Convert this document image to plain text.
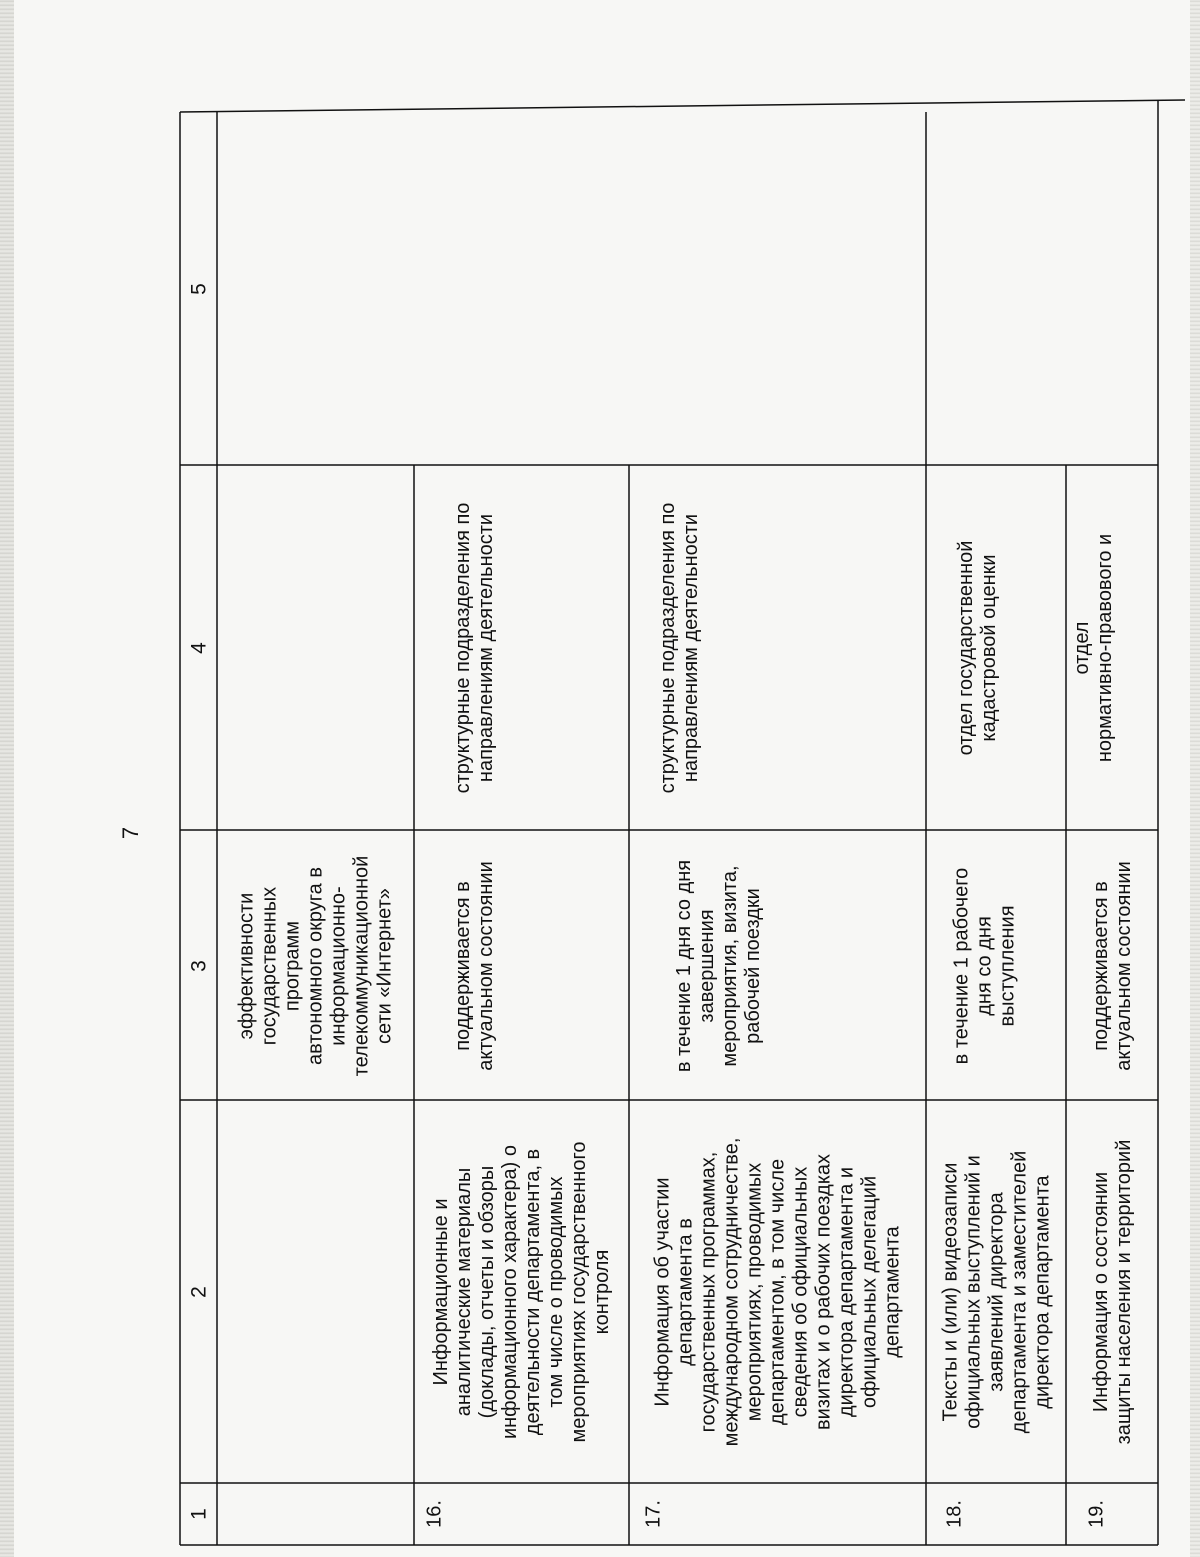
7
1
2
3
4
5
эффективности
государственных
программ
автономного округа в
информационно-
телекоммуникационной
сети «Интернет»
16.
Информационные и
аналитические материалы
(доклады, отчеты и обзоры
информационного характера) о
деятельности департамента, в
том числе о проводимых
мероприятиях государственного
контроля
поддерживается в
актуальном состоянии
структурные подразделения по
направлениям деятельности
17.
Информация об участии
департамента в
государственных программах,
международном сотрудничестве,
мероприятиях, проводимых
департаментом, в том числе
сведения об официальных
визитах и о рабочих поездках
директора департамента и
официальных делегаций
департамента
в течение 1 дня со дня
завершения
мероприятия, визита,
рабочей поездки
структурные подразделения по
направлениям деятельности
18.
Тексты и (или) видеозаписи
официальных выступлений и
заявлений директора
департамента и заместителей
директора департамента
в течение 1 рабочего
дня со дня
выступления
отдел государственной
кадастровой оценки
19.
Информация о состоянии
защиты населения и территорий
поддерживается в
актуальном состоянии
отдел
нормативно-правового и
